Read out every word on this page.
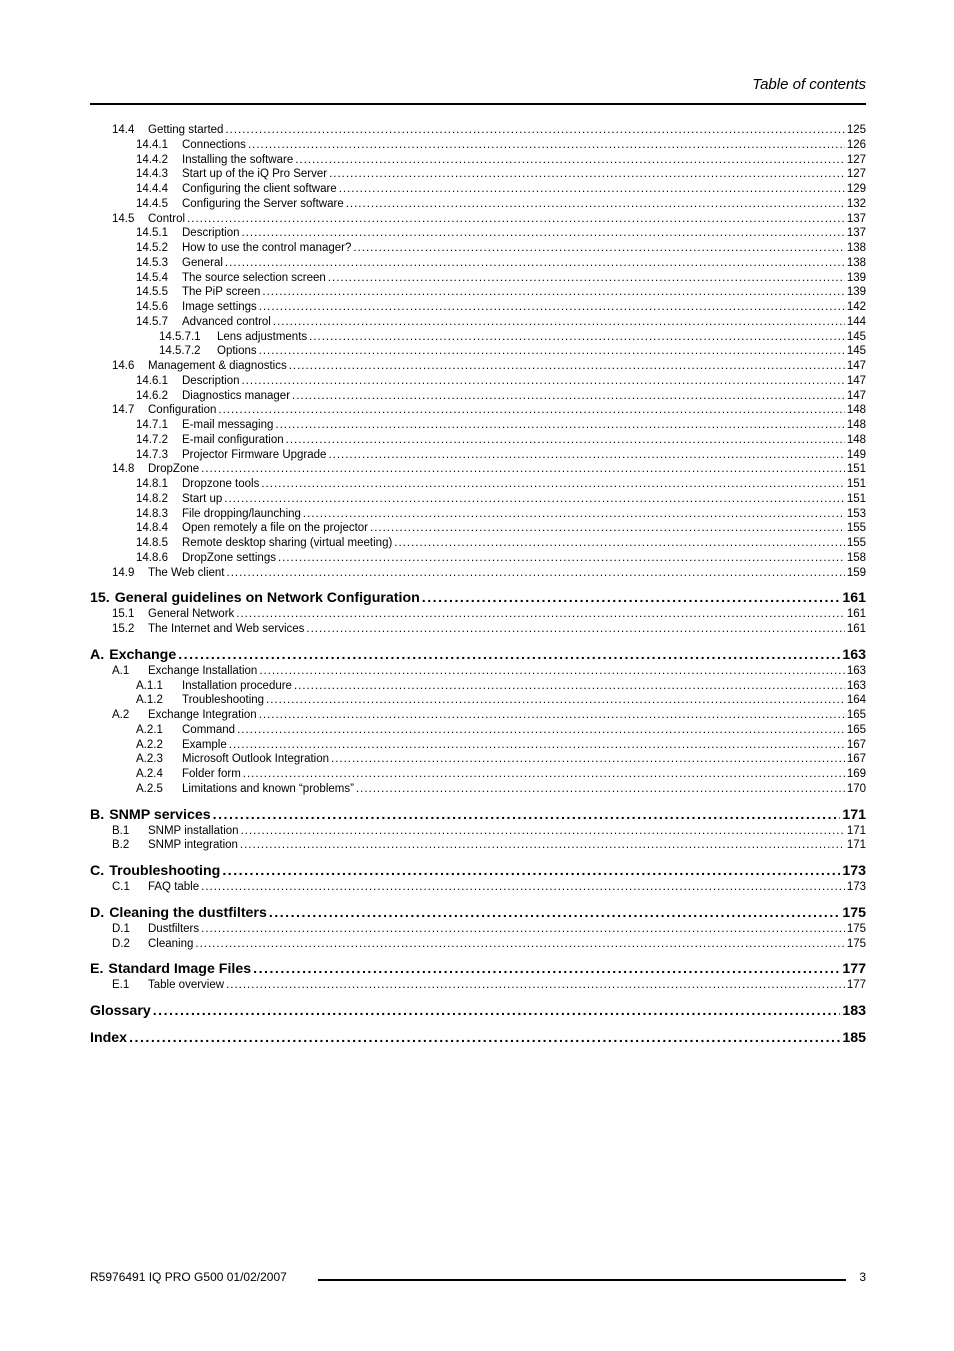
Table of contents
14.4	Getting started .....	125
14.4.1	Connections .....	126
14.4.2	Installing the software .....	127
14.4.3	Start up of the iQ Pro Server .....	127
14.4.4	Configuring the client software .....	129
14.4.5	Configuring the Server software .....	132
14.5	Control .....	137
14.5.1	Description .....	137
14.5.2	How to use the control manager? .....	138
14.5.3	General .....	138
14.5.4	The source selection screen .....	139
14.5.5	The PiP screen .....	139
14.5.6	Image settings .....	142
14.5.7	Advanced control .....	144
14.5.7.1	Lens adjustments .....	145
14.5.7.2	Options .....	145
14.6	Management & diagnostics .....	147
14.6.1	Description .....	147
14.6.2	Diagnostics manager .....	147
14.7	Configuration .....	148
14.7.1	E-mail messaging .....	148
14.7.2	E-mail configuration .....	148
14.7.3	Projector Firmware Upgrade .....	149
14.8	DropZone .....	151
14.8.1	Dropzone tools .....	151
14.8.2	Start up .....	151
14.8.3	File dropping/launching .....	153
14.8.4	Open remotely a file on the projector .....	155
14.8.5	Remote desktop sharing (virtual meeting) .....	155
14.8.6	DropZone settings .....	158
14.9	The Web client .....	159
15. General guidelines on Network Configuration .....	161
15.1	General Network .....	161
15.2	The Internet and Web services .....	161
A. Exchange .....	163
A.1	Exchange Installation .....	163
A.1.1	Installation procedure .....	163
A.1.2	Troubleshooting .....	164
A.2	Exchange Integration .....	165
A.2.1	Command .....	165
A.2.2	Example .....	167
A.2.3	Microsoft Outlook Integration .....	167
A.2.4	Folder form .....	169
A.2.5	Limitations and known “problems” .....	170
B. SNMP services .....	171
B.1	SNMP installation .....	171
B.2	SNMP integration .....	171
C. Troubleshooting .....	173
C.1	FAQ table .....	173
D. Cleaning the dustfilters .....	175
D.1	Dustfilters .....	175
D.2	Cleaning .....	175
E. Standard Image Files .....	177
E.1	Table overview .....	177
Glossary .....	183
Index .....	185
R5976491 IQ PRO G500 01/02/2007	3
